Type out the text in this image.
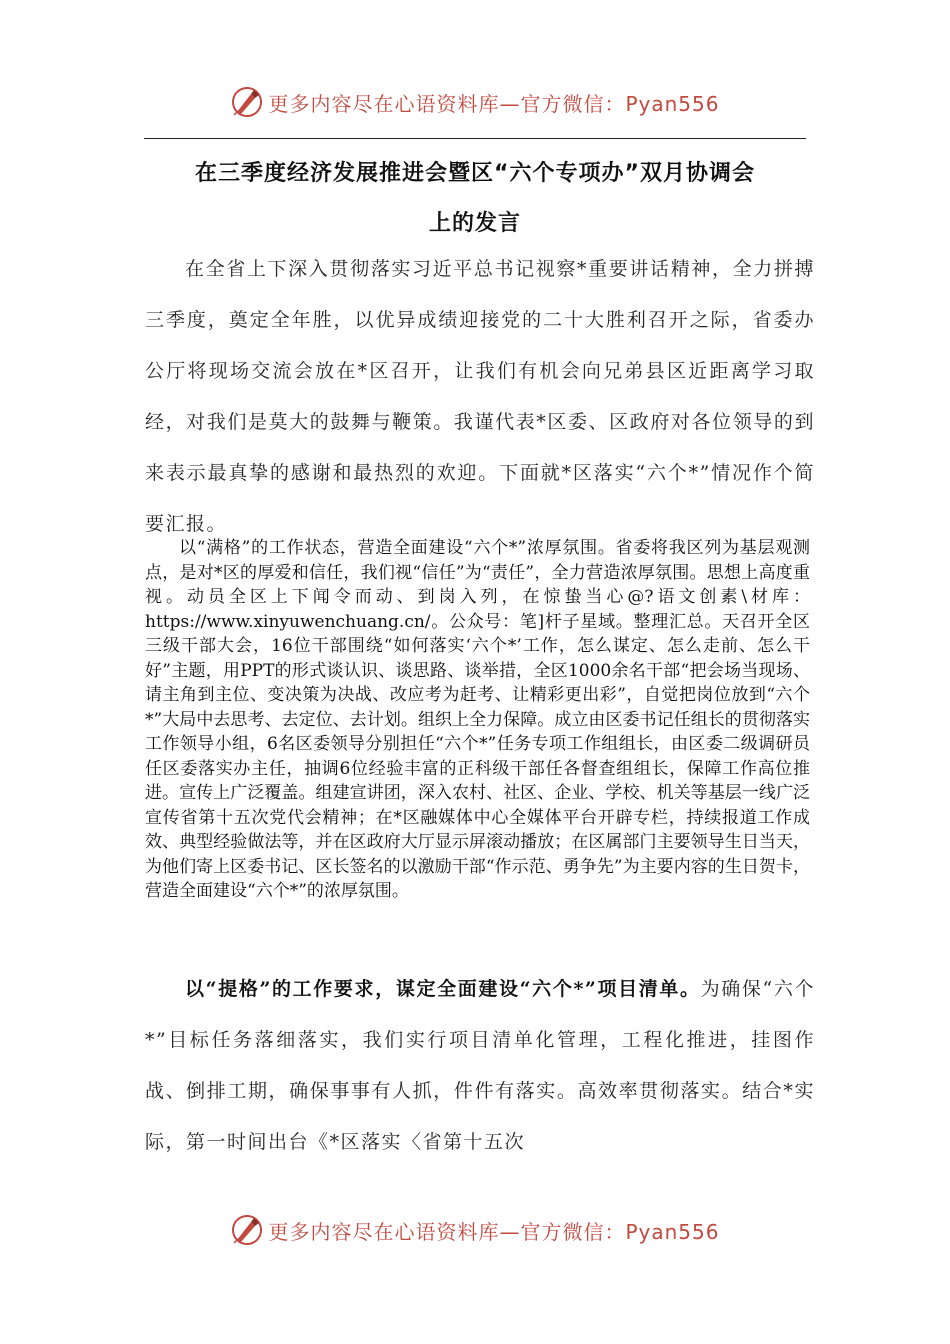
更多内容尽在心语资料库—官方微信：Pyan556
在三季度经济发展推进会暨区“六个专项办”双月协调会
上的发言

在全省上下深入贯彻落实习近平总书记视察*重要讲话精神，全力拼搏三季度，奠定全年胜，以优异成绩迎接党的二十大胜利召开之际，省委办公厅将现场交流会放在*区召开，让我们有机会向兄弟县区近距离学习取经，对我们是莫大的鼓舞与鞭策。我谨代表*区委、区政府对各位领导的到来表示最真挚的感谢和最热烈的欢迎。下面就*区落实“六个*”情况作个简要汇报。

以“满格”的工作状态，营造全面建设“六个*”浓厚氛围。省委将我区列为基层观测点，是对*区的厚爱和信任，我们视“信任”为“责任”，全力营造浓厚氛围。思想上高度重视。动员全区上下闻令而动、到岗入列，在惊蛰当心@?语文创素\材库：https://www.xinyuwenchuang.cn/。公众号：笔]杆子星域。整理汇总。天召开全区三级干部大会，16位干部围绕“如何落实‘六个*’工作，怎么谋定、怎么走前、怎么干好”主题，用PPT的形式谈认识、谈思路、谈举措，全区1000余名干部“把会场当现场、请主角到主位、变决策为决战、改应考为赶考、让精彩更出彩”，自觉把岗位放到“六个*”大局中去思考、去定位、去计划。组织上全力保障。成立由区委书记任组长的贯彻落实工作领导小组，6名区委领导分别担任“六个*”任务专项工作组组长，由区委二级调研员任区委落实办主任，抽调6位经验丰富的正科级干部任各督查组组长，保障工作高位推进。宣传上广泛覆盖。组建宣讲团，深入农村、社区、企业、学校、机关等基层一线广泛宣传省第十五次党代会精神；在*区融媒体中心全媒体平台开辟专栏，持续报道工作成效、典型经验做法等，并在区政府大厅显示屏滚动播放；在区属部门主要领导生日当天，为他们寄上区委书记、区长签名的以激励干部“作示范、勇争先”为主要内容的生日贺卡，营造全面建设“六个*”的浓厚氛围。

以“提格”的工作要求，谋定全面建设“六个*”项目清单。为确保“六个*”目标任务落细落实，我们实行项目清单化管理，工程化推进，挂图作战、倒排工期，确保事事有人抓，件件有落实。高效率贯彻落实。结合*实际，第一时间出台《*区落实〈省第十五次

更多内容尽在心语资料库—官方微信：Pyan556
